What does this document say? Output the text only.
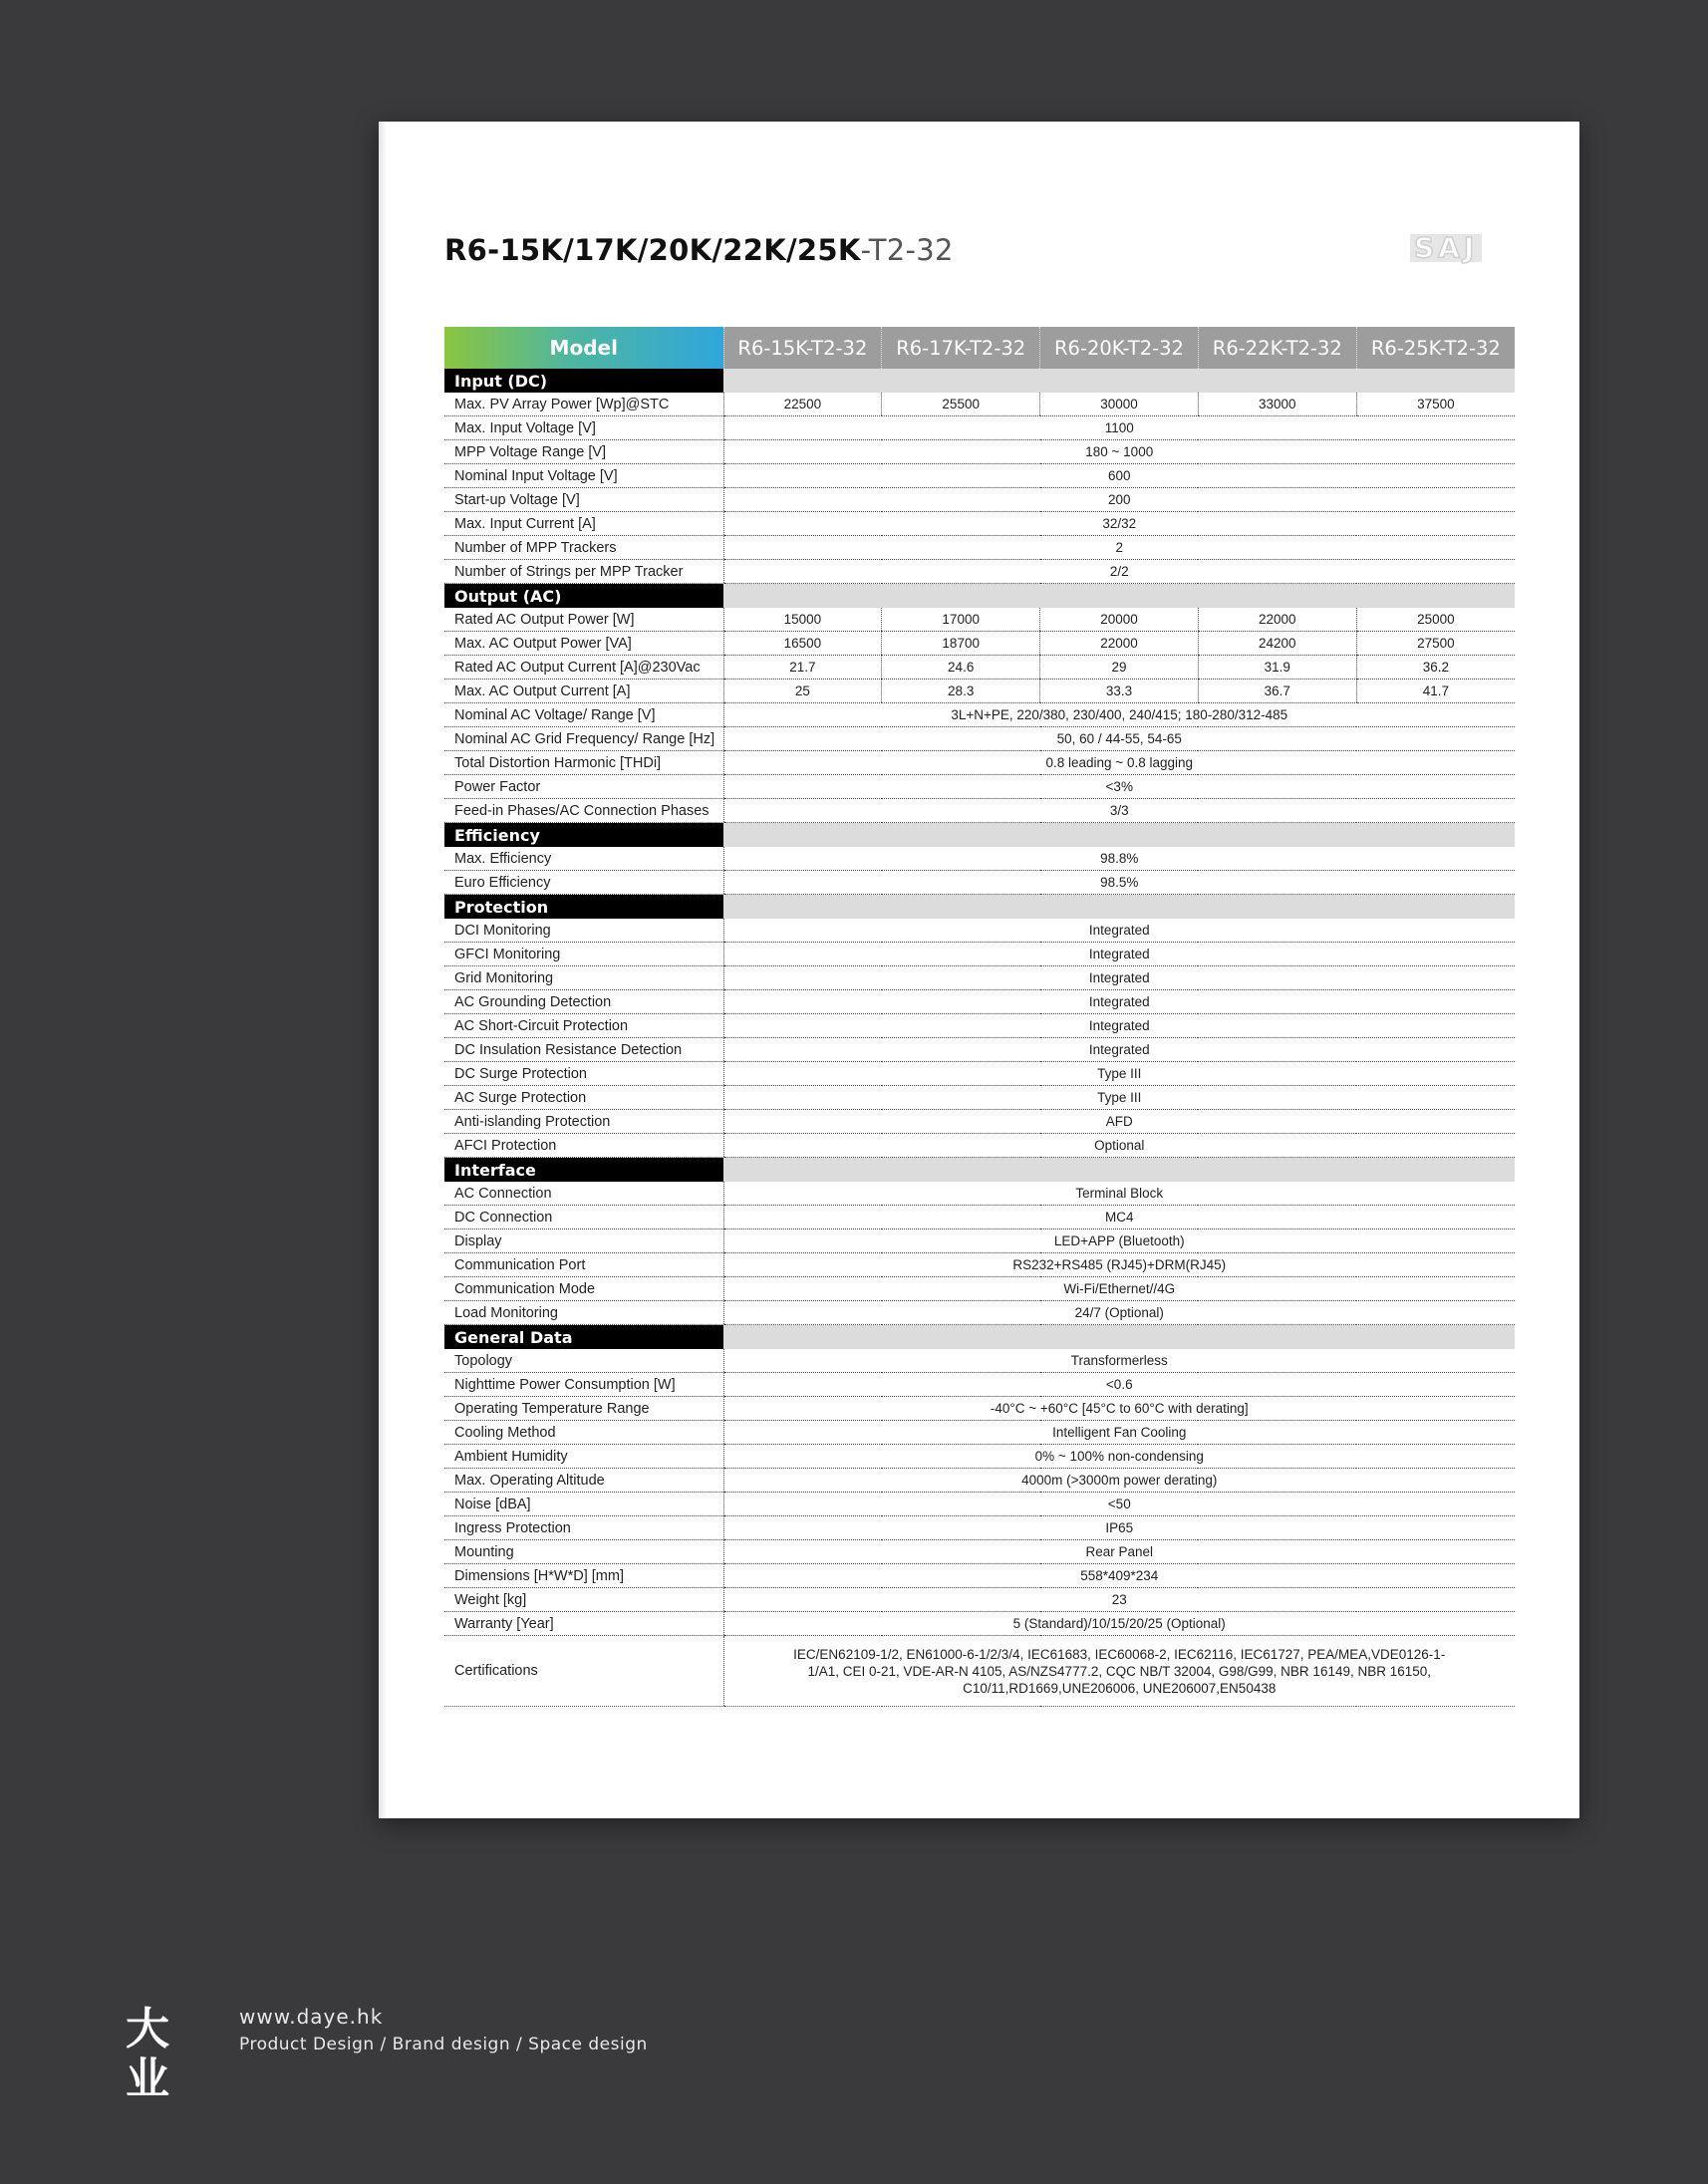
R6-15K/17K/20K/22K/25K-T2-32	SAJ
Model	R6-15K-T2-32	R6-17K-T2-32	R6-20K-T2-32	R6-22K-T2-32	R6-25K-T2-32
Input (DC)					
Max. PV Array Power [Wp]@STC	22500	25500	30000	33000	37500
Max. Input Voltage [V]	1100				
MPP Voltage Range [V]	180 ~ 1000				
Nominal Input Voltage [V]	600				
Start-up Voltage [V]	200				
Max. Input Current [A]	32/32				
Number of MPP Trackers	2				
Number of Strings per MPP Tracker	2/2				
Output (AC)					
Rated AC Output Power [W]	15000	17000	20000	22000	25000
Max. AC Output Power [VA]	16500	18700	22000	24200	27500
Rated AC Output Current [A]@230Vac	21.7	24.6	29	31.9	36.2
Max. AC Output Current [A]	25	28.3	33.3	36.7	41.7
Nominal AC Voltage/ Range [V]	3L+N+PE, 220/380, 230/400, 240/415; 180-280/312-485				
Nominal AC Grid Frequency/ Range [Hz]	50, 60 / 44-55, 54-65				
Total Distortion Harmonic [THDi]	0.8 leading ~ 0.8 lagging				
Power Factor	<3%				
Feed-in Phases/AC Connection Phases	3/3				
Efficiency					
Max. Efficiency	98.8%				
Euro Efficiency	98.5%				
Protection					
DCI Monitoring	Integrated				
GFCI Monitoring	Integrated				
Grid Monitoring	Integrated				
AC Grounding Detection	Integrated				
AC Short-Circuit Protection	Integrated				
DC Insulation Resistance Detection	Integrated				
DC Surge Protection	Type III				
AC Surge Protection	Type III				
Anti-islanding Protection	AFD				
AFCI Protection	Optional				
Interface					
AC Connection	Terminal Block				
DC Connection	MC4				
Display	LED+APP (Bluetooth)				
Communication Port	RS232+RS485 (RJ45)+DRM(RJ45)				
Communication Mode	Wi-Fi/Ethernet//4G				
Load Monitoring	24/7 (Optional)				
General Data					
Topology	Transformerless				
Nighttime Power Consumption [W]	<0.6				
Operating Temperature Range	-40°C ~ +60°C [45°C to 60°C with derating]				
Cooling Method	Intelligent Fan Cooling				
Ambient Humidity	0% ~ 100% non-condensing				
Max. Operating Altitude	4000m (>3000m power derating)				
Noise [dBA]	<50				
Ingress Protection	IP65				
Mounting	Rear Panel				
Dimensions [H*W*D] [mm]	558*409*234				
Weight [kg]	23				
Warranty [Year]	5 (Standard)/10/15/20/25 (Optional)				
Certifications	IEC/EN62109-1/2, EN61000-6-1/2/3/4, IEC61683, IEC60068-2, IEC62116, IEC61727, PEA/MEA,VDE0126-1-1/A1, CEI 0-21, VDE-AR-N 4105, AS/NZS4777.2, CQC NB/T 32004, G98/G99, NBR 16149, NBR 16150, C10/11,RD1669,UNE206006, UNE206007,EN50438				
大业
www.daye.hk
Product Design / Brand design / Space design
